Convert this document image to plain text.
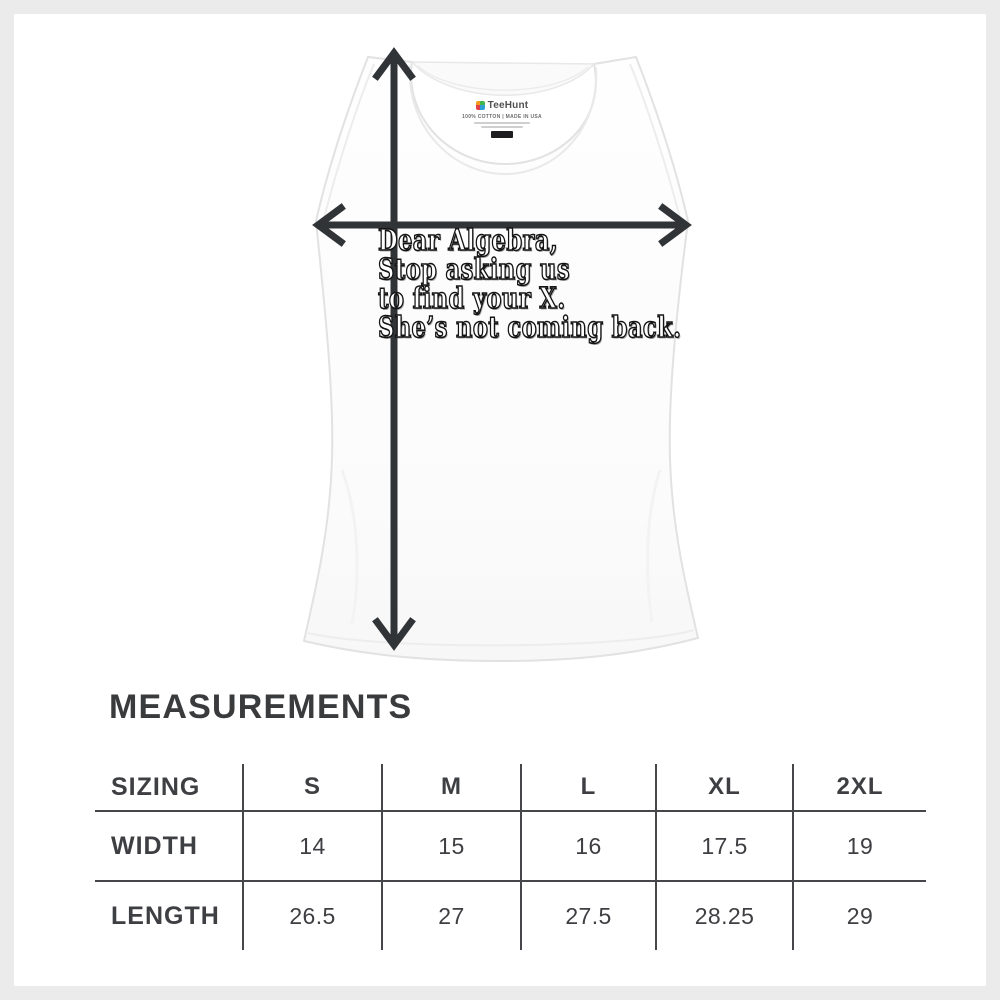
TeeHunt
100% COTTON | MADE IN USA
Dear Algebra,
Stop asking us
to find your X.
She’s not coming back.
MEASUREMENTS
SIZING	S	M	L	XL	2XL
WIDTH	14	15	16	17.5	19
LENGTH	26.5	27	27.5	28.25	29
